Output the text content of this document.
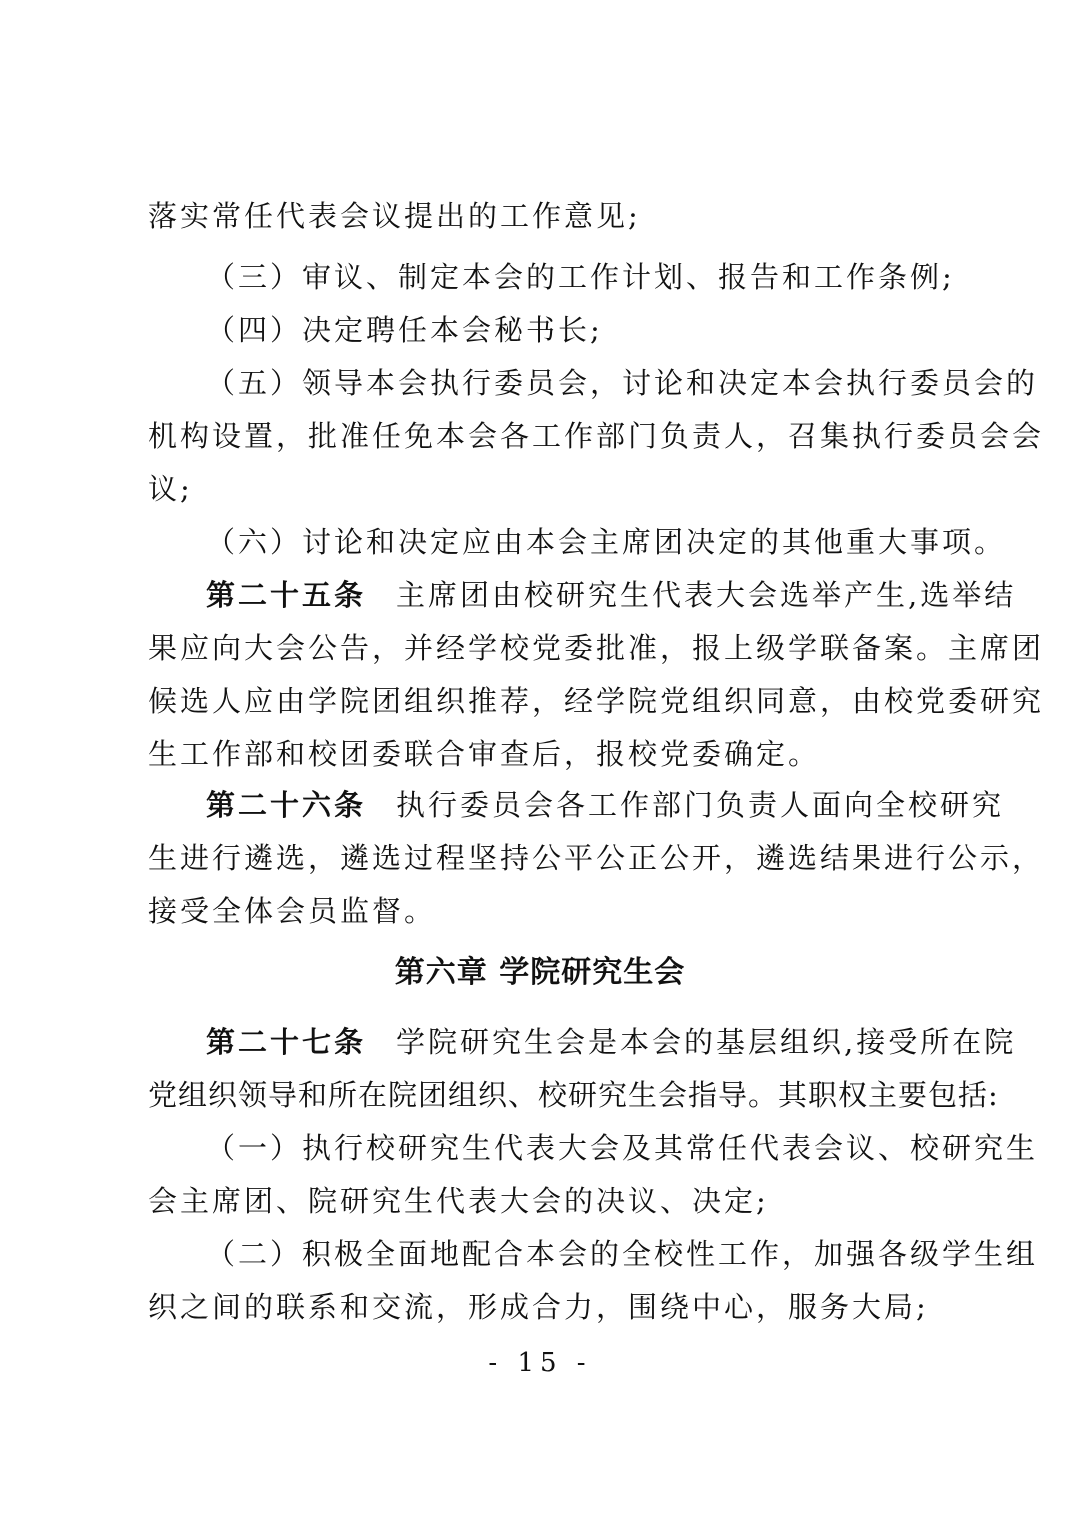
落实常任代表会议提出的工作意见;
（三）审议、制定本会的工作计划、报告和工作条例;
（四）决定聘任本会秘书长;
（五）领导本会执行委员会，讨论和决定本会执行委员会的
机构设置，批准任免本会各工作部门负责人，召集执行委员会会
议;
（六）讨论和决定应由本会主席团决定的其他重大事项。
第二十五条 主席团由校研究生代表大会选举产生,选举结
果应向大会公告，并经学校党委批准，报上级学联备案。主席团
候选人应由学院团组织推荐，经学院党组织同意，由校党委研究
生工作部和校团委联合审查后，报校党委确定。
第二十六条 执行委员会各工作部门负责人面向全校研究
生进行遴选，遴选过程坚持公平公正公开，遴选结果进行公示，
接受全体会员监督。
第六章 学院研究生会
第二十七条 学院研究生会是本会的基层组织,接受所在院
党组织领导和所在院团组织、校研究生会指导。其职权主要包括:
（一）执行校研究生代表大会及其常任代表会议、校研究生
会主席团、院研究生代表大会的决议、决定;
（二）积极全面地配合本会的全校性工作，加强各级学生组
织之间的联系和交流，形成合力，围绕中心，服务大局;
- 15 -
